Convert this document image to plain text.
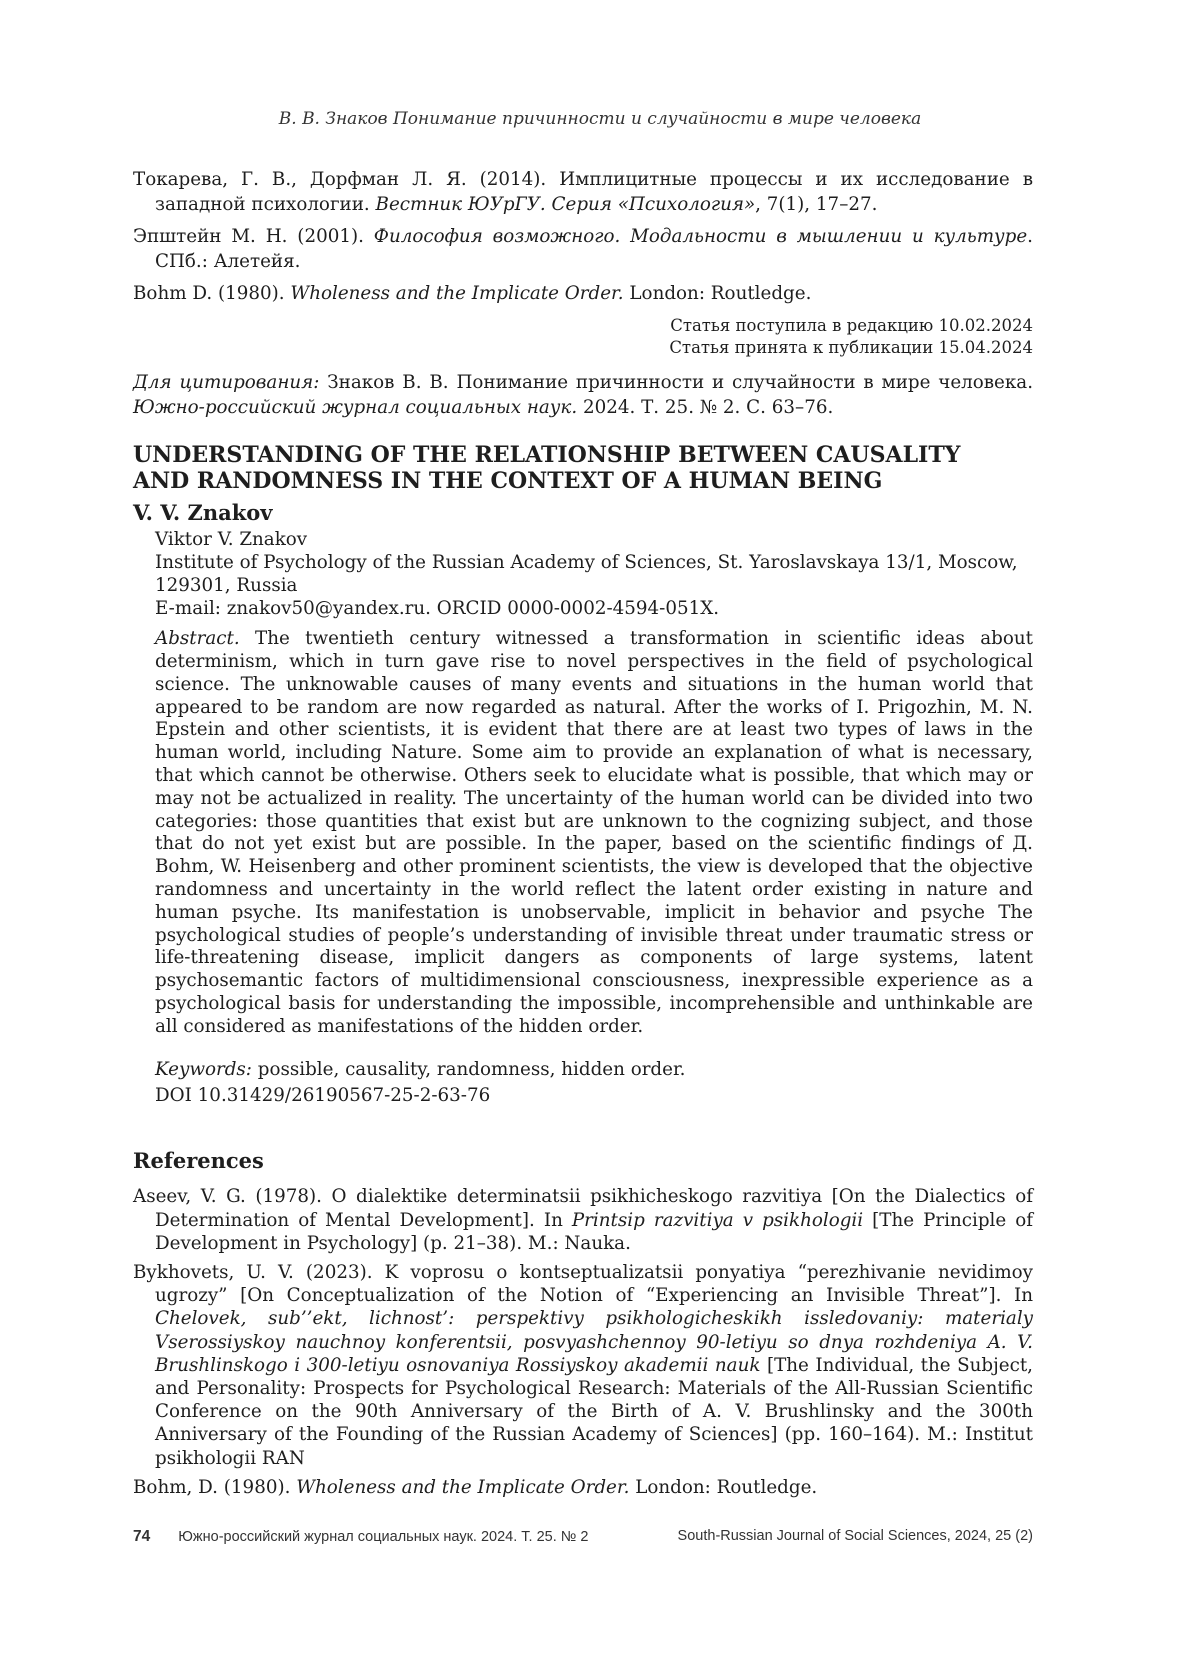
В. В. Знаков Понимание причинности и случайности в мире человека

Токарева, Г. В., Дорфман Л. Я. (2014). Имплицитные процессы и их исследование в западной психологии. Вестник ЮУрГУ. Серия «Психология», 7(1), 17–27.

Эпштейн М. Н. (2001). Философия возможного. Модальности в мышлении и культуре. СПб.: Алетейя.

Bohm D. (1980). Wholeness and the Implicate Order. London: Routledge.

Статья поступила в редакцию 10.02.2024
Статья принята к публикации 15.04.2024

Для цитирования: Знаков В. В. Понимание причинности и случайности в мире человека. Южно-российский журнал социальных наук. 2024. Т. 25. № 2. С. 63–76.

UNDERSTANDING OF THE RELATIONSHIP BETWEEN CAUSALITY
AND RANDOMNESS IN THE CONTEXT OF A HUMAN BEING
V. V. Znakov
Viktor V. Znakov
Institute of Psychology of the Russian Academy of Sciences, St. Yaroslavskaya 13/1, Moscow, 129301, Russia
E-mail: znakov50@yandex.ru. ORCID 0000-0002-4594-051X.

Abstract. The twentieth century witnessed a transformation in scientific ideas about determinism, which in turn gave rise to novel perspectives in the field of psychological science. The unknowable causes of many events and situations in the human world that appeared to be random are now regarded as natural. After the works of I. Prigozhin, M. N. Epstein and other scientists, it is evident that there are at least two types of laws in the human world, including Nature. Some aim to provide an explanation of what is necessary, that which cannot be otherwise. Others seek to elucidate what is possible, that which may or may not be actualized in reality. The uncertainty of the human world can be divided into two categories: those quantities that exist but are unknown to the cognizing subject, and those that do not yet exist but are possible. In the paper, based on the scientific findings of Д. Bohm, W. Heisenberg and other prominent scientists, the view is developed that the objective randomness and uncertainty in the world reflect the latent order existing in nature and human psyche. Its manifestation is unobservable, implicit in behavior and psyche The psychological studies of people’s understanding of invisible threat under traumatic stress or life-threatening disease, implicit dangers as components of large systems, latent psychosemantic factors of multidimensional consciousness, inexpressible experience as a psychological basis for understanding the impossible, incomprehensible and unthinkable are all considered as manifestations of the hidden order.

Keywords: possible, causality, randomness, hidden order.
DOI 10.31429/26190567-25-2-63-76
References

Aseev, V. G. (1978). O dialektike determinatsii psikhicheskogo razvitiya [On the Dialectics of Determination of Mental Development]. In Printsip razvitiya v psikhologii [The Principle of Development in Psychology] (p. 21–38). M.: Nauka.

Bykhovets, U. V. (2023). K voprosu o kontseptualizatsii ponyatiya “perezhivanie nevidimoy ugrozy” [On Conceptualization of the Notion of “Experiencing an Invisible Threat”]. In Chelovek, sub’’ekt, lichnost’: perspektivy psikhologicheskikh issledovaniy: materialy Vserossiyskoy nauchnoy konferentsii, posvyashchennoy 90-letiyu so dnya rozhdeniya A. V. Brushlinskogo i 300-letiyu osnovaniya Rossiyskoy akademii nauk [The Individual, the Subject, and Personality: Prospects for Psychological Research: Materials of the All-Russian Scientific Conference on the 90th Anniversary of the Birth of A. V. Brushlinsky and the 300th Anniversary of the Founding of the Russian Academy of Sciences] (pp. 160–164). M.: Institut psikhologii RAN

Bohm, D. (1980). Wholeness and the Implicate Order. London: Routledge.

74 Южно-российский журнал социальных наук. 2024. Т. 25. № 2	South-Russian Journal of Social Sciences, 2024, 25 (2)
